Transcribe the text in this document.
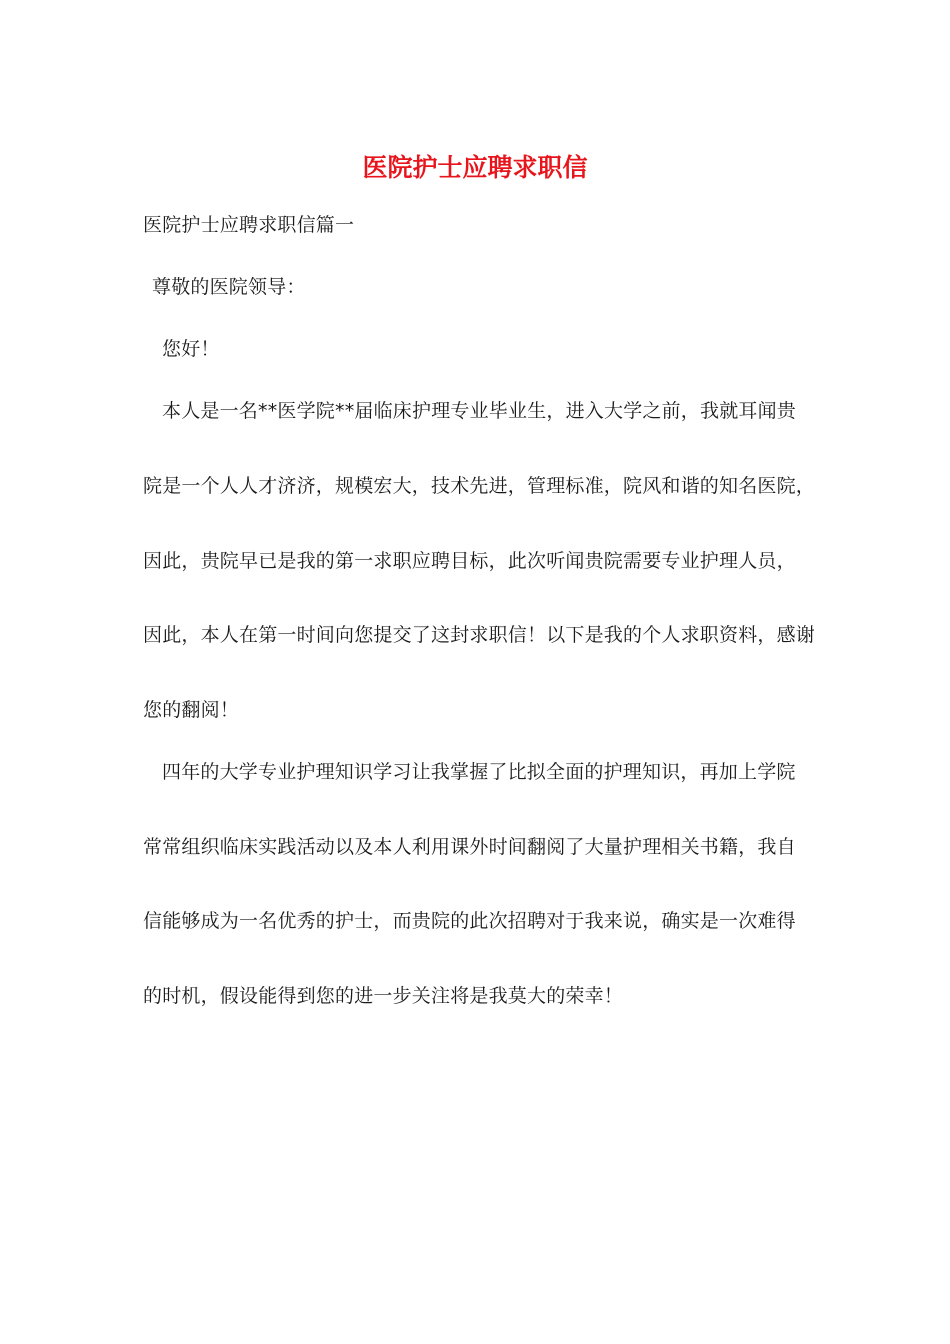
医院护士应聘求职信
医院护士应聘求职信篇一
尊敬的医院领导：
您好！
本人是一名**医学院**届临床护理专业毕业生，进入大学之前，我就耳闻贵
院是一个人人才济济，规模宏大，技术先进，管理标准，院风和谐的知名医院，
因此，贵院早已是我的第一求职应聘目标，此次听闻贵院需要专业护理人员，
因此，本人在第一时间向您提交了这封求职信！以下是我的个人求职资料，感谢
您的翻阅！
四年的大学专业护理知识学习让我掌握了比拟全面的护理知识，再加上学院
常常组织临床实践活动以及本人利用课外时间翻阅了大量护理相关书籍，我自
信能够成为一名优秀的护士，而贵院的此次招聘对于我来说，确实是一次难得
的时机，假设能得到您的进一步关注将是我莫大的荣幸！
